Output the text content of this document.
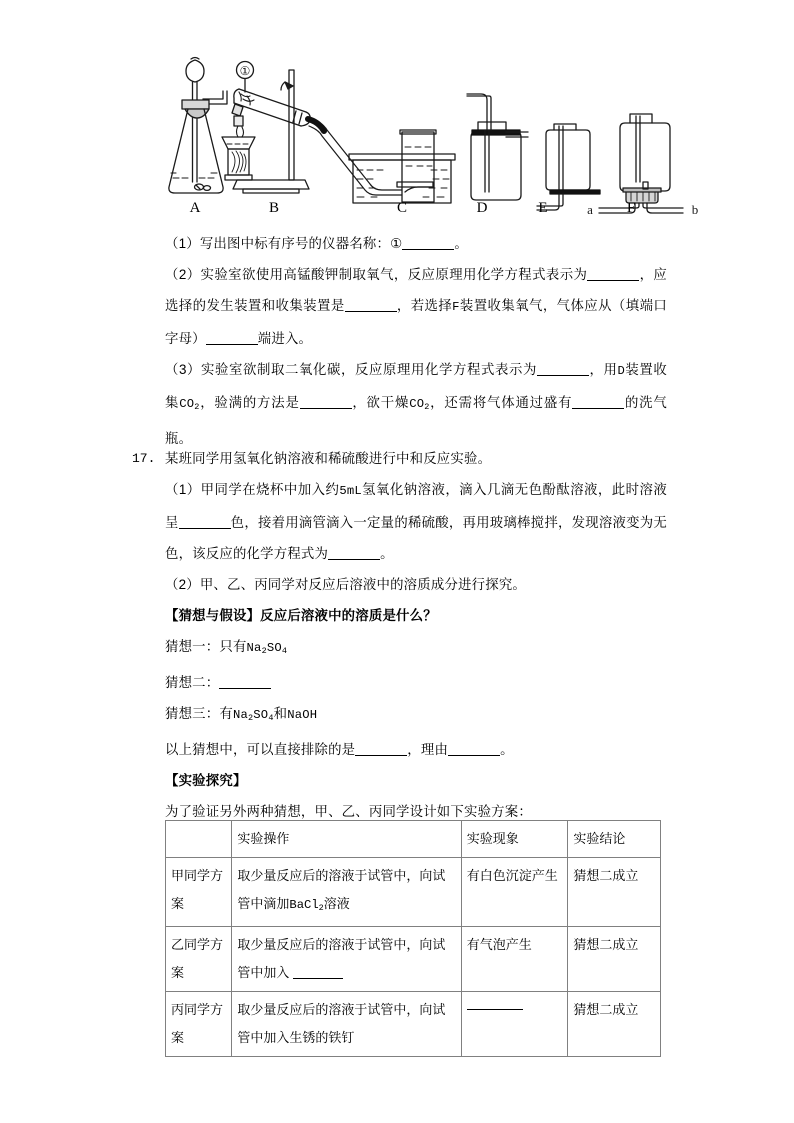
①
a	b
A	B	C	D	E	F

（1）写出图中标有序号的仪器名称：①	。

（2）实验室欲使用高锰酸钾制取氧气，反应原理用化学方程式表示为	，应选择的发生装置和收集装置是	，若选择F装置收集氧气，气体应从（填端口字母）	端进入。

（3）实验室欲制取二氧化碳，反应原理用化学方程式表示为	，用D装置收集$CO_2$，验满的方法是	，欲干燥$CO_2$，还需将气体通过盛有	的洗气瓶。

17. 某班同学用氢氧化钠溶液和稀硫酸进行中和反应实验。

（1）甲同学在烧杯中加入约5mL氢氧化钠溶液，滴入几滴无色酚酞溶液，此时溶液呈	色，接着用滴管滴入一定量的稀硫酸，再用玻璃棒搅拌，发现溶液变为无色，该反应的化学方程式为	。

（2）甲、乙、丙同学对反应后溶液中的溶质成分进行探究。

【猜想与假设】反应后溶液中的溶质是什么？

猜想一：只有$Na_2SO_4$

猜想二：

猜想三：有$Na_2SO_4$和NaOH

以上猜想中，可以直接排除的是	，理由	。

【实验探究】

为了验证另外两种猜想，甲、乙、丙同学设计如下实验方案：

	实验操作	实验现象	实验结论
甲同学方案	取少量反应后的溶液于试管中，向试管中滴加BaCl$_2$溶液	有白色沉淀产生	猜想二成立
乙同学方案	取少量反应后的溶液于试管中，向试管中加入	有气泡产生	猜想二成立
丙同学方案	取少量反应后的溶液于试管中，向试管中加入生锈的铁钉		猜想二成立
